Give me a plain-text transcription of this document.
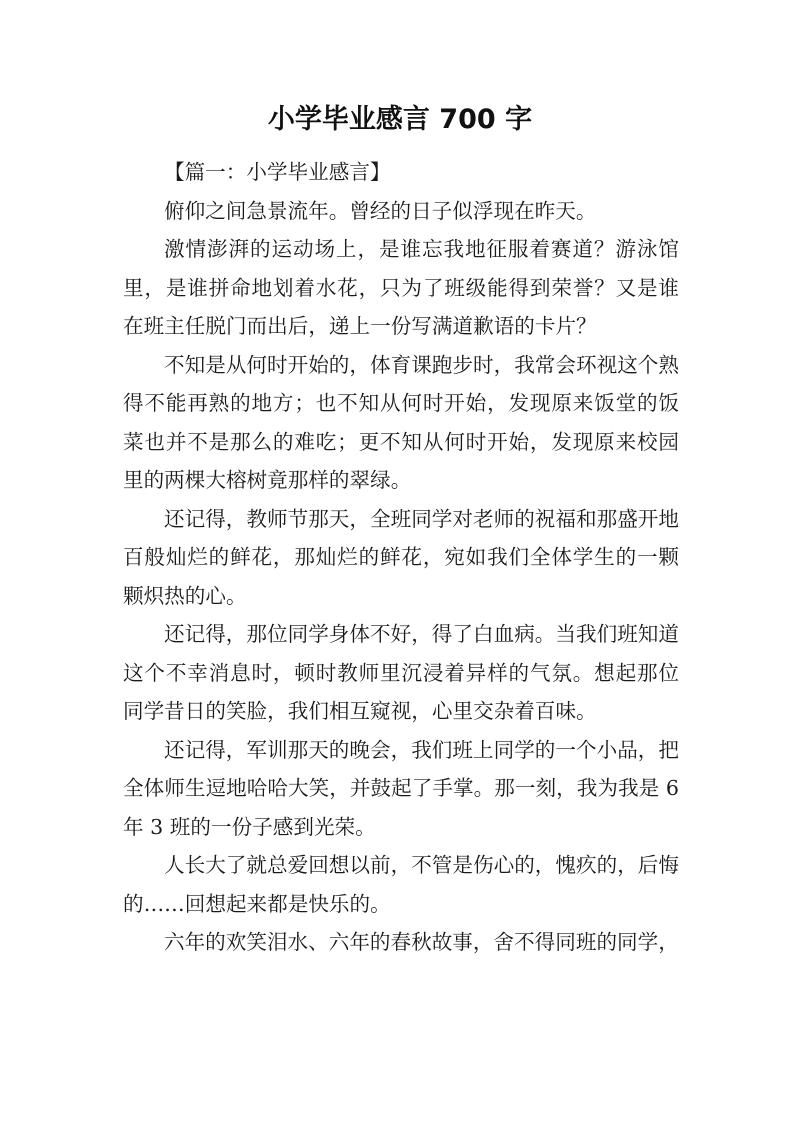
小学毕业感言 700 字

【篇一：小学毕业感言】

俯仰之间急景流年。曾经的日子似浮现在昨天。

激情澎湃的运动场上，是谁忘我地征服着赛道？游泳馆里，是谁拼命地划着水花，只为了班级能得到荣誉？又是谁在班主任脱门而出后，递上一份写满道歉语的卡片？

不知是从何时开始的，体育课跑步时，我常会环视这个熟得不能再熟的地方；也不知从何时开始，发现原来饭堂的饭菜也并不是那么的难吃；更不知从何时开始，发现原来校园里的两棵大榕树竟那样的翠绿。

还记得，教师节那天，全班同学对老师的祝福和那盛开地百般灿烂的鲜花，那灿烂的鲜花，宛如我们全体学生的一颗颗炽热的心。

还记得，那位同学身体不好，得了白血病。当我们班知道这个不幸消息时，顿时教师里沉浸着异样的气氛。想起那位同学昔日的笑脸，我们相互窥视，心里交杂着百味。

还记得，军训那天的晚会，我们班上同学的一个小品，把全体师生逗地哈哈大笑，并鼓起了手掌。那一刻，我为我是 6 年 3 班的一份子感到光荣。

人长大了就总爱回想以前，不管是伤心的，愧疚的，后悔的……回想起来都是快乐的。

六年的欢笑泪水、六年的春秋故事，舍不得同班的同学，
